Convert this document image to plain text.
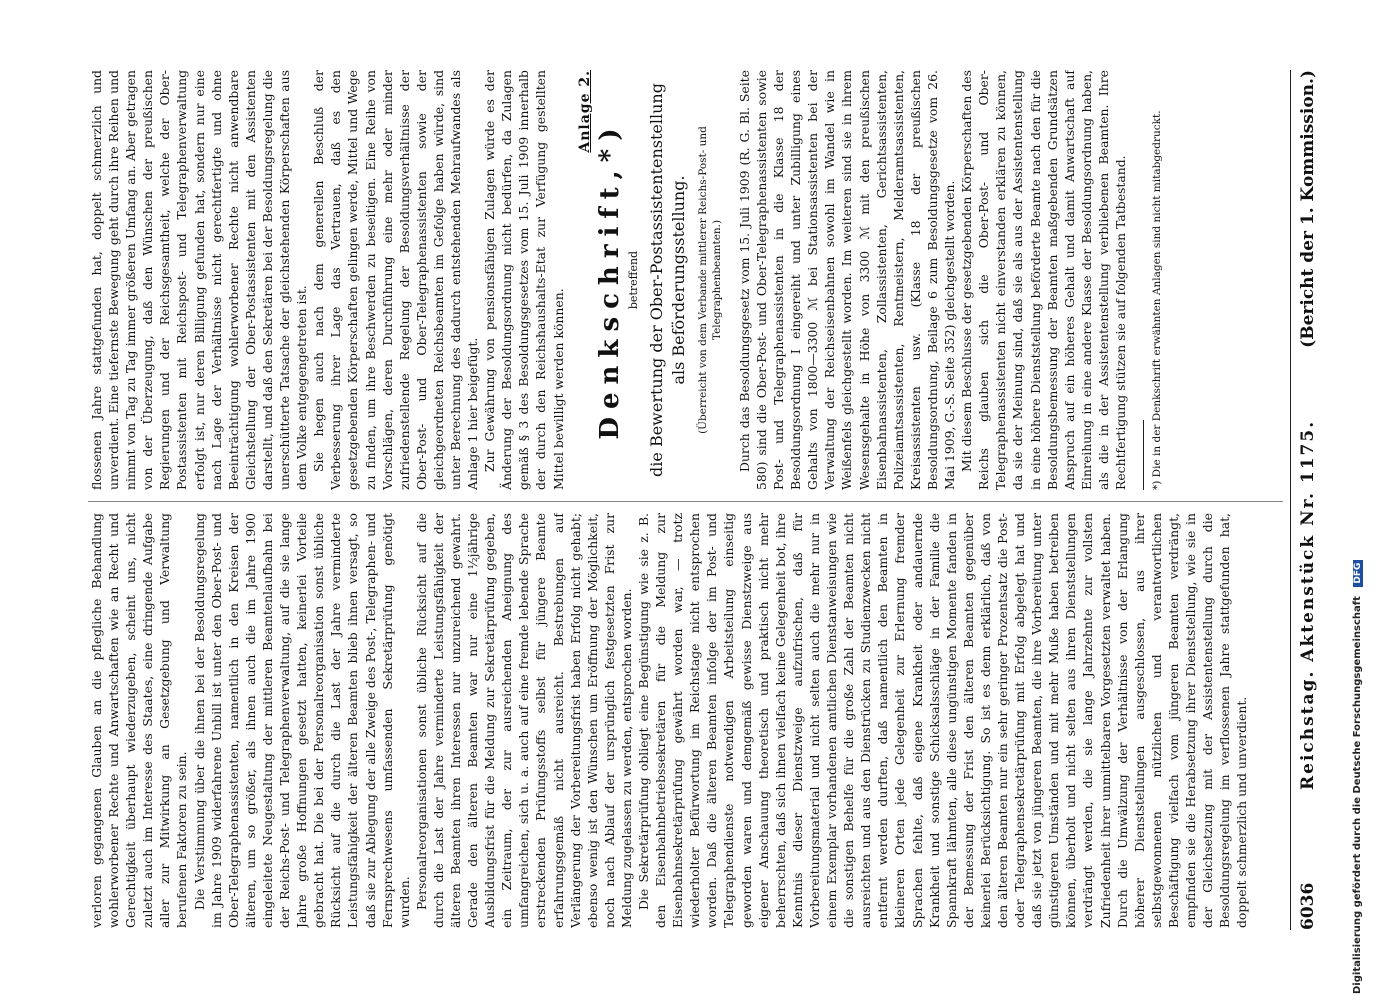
6036
Reichstag. Aktenstück Nr. 1175.
(Bericht der 1. Kommission.)

verloren gegangenen Glauben an die pflegliche Behandlung wohlerworbener Rechte und Anwartschaften wie an Recht und Gerechtigkeit überhaupt wiederzugeben, scheint uns, nicht zuletzt auch im Interesse des Staates, eine dringende Aufgabe aller zur Mitwirkung an Gesetzgebung und Verwaltung berufenen Faktoren zu sein. Die Verstimmung über die ihnen bei der Besoldungsregelung im Jahre 1909 widerfahrene Unbill ist unter den Ober-Post- und Ober-Telegraphenassistenten, namentlich in den Kreisen der älteren, um so größer, als ihnen auch die im Jahre 1900 eingeleitete Neugestaltung der mittleren Beamtenlaufbahn bei der Reichs-Post- und Telegraphenverwaltung, auf die sie lange Jahre große Hoffnungen gesetzt hatten, keinerlei Vorteile gebracht hat. Die bei der Personalreorganisation sonst übliche Rücksicht auf die durch die Last der Jahre verminderte Leistungsfähigkeit der älteren Beamten blieb ihnen versagt, so daß sie zur Ablegung der alle Zweige des Post-, Telegraphen- und Fernsprechwesens umfassenden Sekretärprüfung genötigt wurden. Personalreorganisationen sonst übliche Rücksicht auf die durch die Last der Jahre verminderte Leistungsfähigkeit der älteren Beamten ihren Interessen nur unzureichend gewahrt. Gerade den älteren Beamten war nur eine 1½jährige Ausbildungsfrist für die Meldung zur Sekretärprüfung gegeben, ein Zeitraum, der zur ausreichenden Aneignung des umfangreichen, sich u. a. auch auf eine fremde lebende Sprache erstreckenden Prüfungsstoffs selbst für jüngere Beamte erfahrungsgemäß nicht ausreicht. Bestrebungen auf Verlängerung der Vorbereitungsfrist haben Erfolg nicht gehabt; ebenso wenig ist den Wünschen um Eröffnung der Möglichkeit, noch nach Ablauf der ursprünglich festgesetzten Frist zur Meldung zugelassen zu werden, entsprochen worden. Die Sekretärprüfung obliegt eine Begünstigung wie sie z. B. den Eisenbahnbetriebssekretären für die Meldung zur Eisenbahnsekretärprüfung gewährt worden war, — trotz wiederholter Befürwortung im Reichstage nicht entsprochen worden. Daß die älteren Beamten infolge der im Post- und Telegraphendienste notwendigen Arbeitsteilung einseitig geworden waren und demgemäß gewisse Dienstzweige aus eigener Anschauung theoretisch und praktisch nicht mehr beherrschten, daß sich ihnen vielfach keine Gelegenheit bot, ihre Kenntnis dieser Dienstzweige aufzufrischen, daß für Vorbereitungsmaterial und nicht selten auch die mehr nur in einem Exemplar vorhandenen amtlichen Dienstanweisungen wie die sonstigen Behelfe für die große Zahl der Beamten nicht ausreichten und aus den Dienstrücken zu Studienzwecken nicht entfernt werden durften, daß namentlich den Beamten in kleineren Orten jede Gelegenheit zur Erlernung fremder Sprachen fehlte, daß eigene Krankheit oder andauernde Krankheit und sonstige Schicksalsschläge in der Familie die Spannkraft lähmten, alle diese ungünstigen Momente fanden in der Bemessung der Frist den älteren Beamten gegenüber keinerlei Berücksichtigung. So ist es denn erklärlich, daß von den älteren Beamten nur ein sehr geringer Prozentsatz die Post- oder Telegraphensekretärprüfung mit Erfolg abgelegt hat und daß sie jetzt von jüngeren Beamten, die ihre Vorbereitung unter günstigeren Umständen und mit mehr Muße haben betreiben können, überholt und nicht selten aus ihren Dienststellungen verdrängt werden, die sie lange Jahrzehnte zur vollsten Zufriedenheit ihrer unmittelbaren Vorgesetzten verwaltet haben. Durch die Umwälzung der Verhältnisse von der Erlangung höherer Dienststellungen ausgeschlossen, aus ihrer selbstgewonnenen nützlichen und verantwortlichen Beschäftigung vielfach vom jüngeren Beamten verdrängt, empfinden sie die Herabsetzung ihrer Dienststellung, wie sie in der Gleichsetzung mit der Assistentenstellung durch die Besoldungsregelung im verflossenen Jahre stattgefunden hat, doppelt schmerzlich und unverdient.

flossenen Jahre stattgefunden hat, doppelt schmerzlich und unverdient. Eine tiefernste Bewegung geht durch ihre Reihen und nimmt von Tag zu Tag immer größeren Umfang an. Aber getragen von der Überzeugung, daß den Wünschen der preußischen Regierungen und der Reichsgesamtheit, welche der Ober-Postassistenten mit Reichspost- und Telegraphenverwaltung erfolgt ist, nur deren Billigung gefunden hat, sondern nur eine nach Lage der Verhältnisse nicht gerechtfertigte und ohne Beeinträchtigung wohlerworbener Rechte nicht anwendbare Gleichstellung der Ober-Postassistenten mit den Assistenten darstellt, und daß den Sekretären bei der Besoldungsregelung die unerschütterte Tatsache der gleichstehenden Körperschaften aus dem Volke entgegengetreten ist. Sie hegen auch nach dem generellen Beschluß der Verbesserung ihrer Lage das Vertrauen, daß es den gesetzgebenden Körperschaften gelingen werde, Mittel und Wege zu finden, um ihre Beschwerden zu beseitigen. Eine Reihe von Vorschlägen, deren Durchführung eine mehr oder minder zufriedenstellende Regelung der Besoldungsverhältnisse der Ober-Post- und Ober-Telegraphenassistenten sowie der gleichgeordneten Reichsbeamten im Gefolge haben würde, sind unter Berechnung des dadurch entstehenden Mehraufwandes als Anlage 1 hier beigefügt. Zur Gewährung von pensionsfähigen Zulagen würde es der Änderung der Besoldungsordnung nicht bedürfen, da Zulagen gemäß § 3 des Besoldungsgesetzes vom 15. Juli 1909 innerhalb der durch den Reichshaushalts-Etat zur Verfügung gestellten Mittel bewilligt werden können.

Anlage 2.
Denkschrift,*) betreffend die Bewertung der Ober-Postassistentenstellung als Beförderungsstellung. (Überreicht von dem Verbande mittlerer Reichs-Post- und Telegraphenbeamten.) Durch das Besoldungsgesetz vom 15. Juli 1909 (R. G. Bl. Seite 580) sind die Ober-Post- und Ober-Telegraphenassistenten sowie Post- und Telegraphenassistenten in die Klasse 18 der Besoldungsordnung I eingereiht und unter Zubilligung eines Gehalts von 1800—3300 ℳ bei Stationsassistenten bei der Verwaltung der Reichseisenbahnen sowohl im Wandel wie in Weißenfels gleichgestellt worden. Im weiteren sind sie in ihrem Wesensgehalte in Höhe von 3300 ℳ mit den preußischen Eisenbahnassistenten, Zollassistenten, Gerichtsassistenten, Polizeiamtsassistenten, Rentmeistern, Melderamtsassistenten, Kreisassistenten usw. (Klasse 18 der preußischen Besoldungsordnung, Beilage 6 zum Besoldungsgesetze vom 26. Mai 1909, G.-S. Seite 352) gleichgestellt worden. Mit diesem Beschlusse der gesetzgebenden Körperschaften des Reichs glauben sich die Ober-Post- und Ober-Telegraphenassistenten nicht einverstanden erklären zu können, da sie der Meinung sind, daß sie als aus der Assistentenstellung in eine höhere Dienststellung beförderte Beamte nach den für die Besoldungsbemessung der Beamten maßgebenden Grundsätzen Anspruch auf ein höheres Gehalt und damit Anwartschaft auf Einreihung in eine andere Klasse der Besoldungsordnung haben, als die in der Assistentenstellung verbliebenen Beamten. Ihre Rechtfertigung stützen sie auf folgenden Tatbestand. *) Die in der Denkschrift erwähnten Anlagen sind nicht mitabgedruckt.
Digitalisierung gefördert durch die Deutsche Forschungsgemeinschaft DFG
